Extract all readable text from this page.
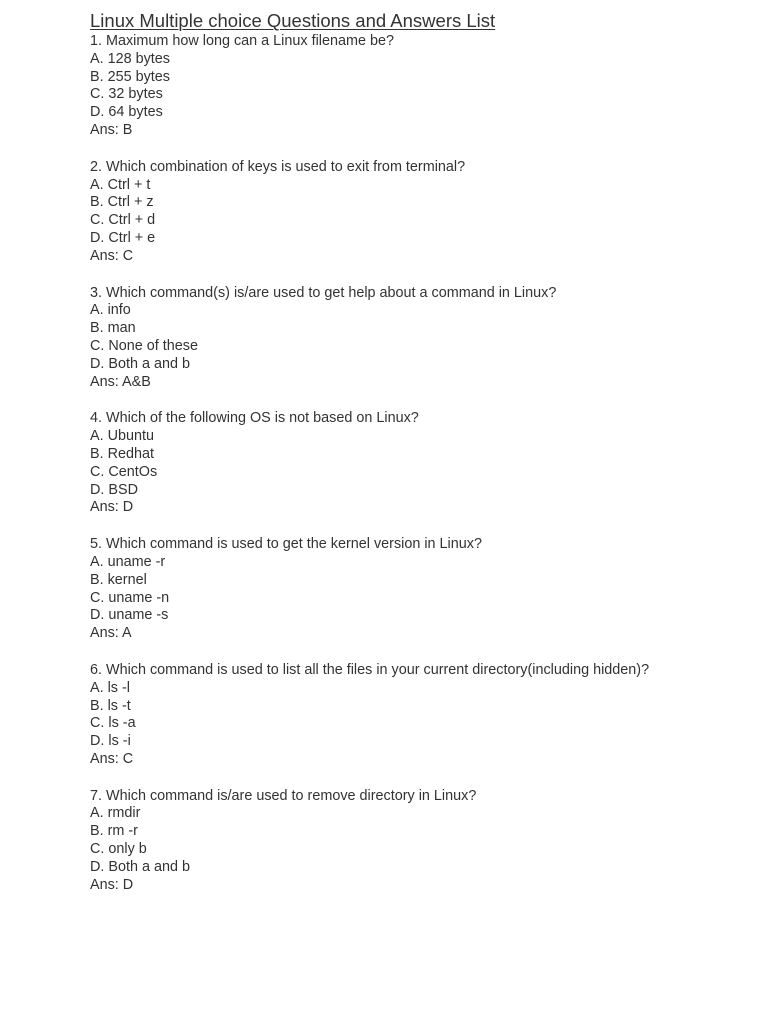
Linux Multiple choice Questions and Answers List
1. Maximum how long can a Linux filename be?
A. 128 bytes
B. 255 bytes
C. 32 bytes
D. 64 bytes
Ans: B
2. Which combination of keys is used to exit from terminal?
A. Ctrl + t
B. Ctrl + z
C. Ctrl + d
D. Ctrl + e
Ans: C
3. Which command(s) is/are used to get help about a command in Linux?
A. info
B. man
C. None of these
D. Both a and b
Ans: A&B
4. Which of the following OS is not based on Linux?
A. Ubuntu
B. Redhat
C. CentOs
D. BSD
Ans: D
5. Which command is used to get the kernel version in Linux?
A. uname -r
B. kernel
C. uname -n
D. uname -s
Ans: A
6. Which command is used to list all the files in your current directory(including hidden)?
A. ls -l
B. ls -t
C. ls -a
D. ls -i
Ans: C
7. Which command is/are used to remove directory in Linux?
A. rmdir
B. rm -r
C. only b
D. Both a and b
Ans: D
